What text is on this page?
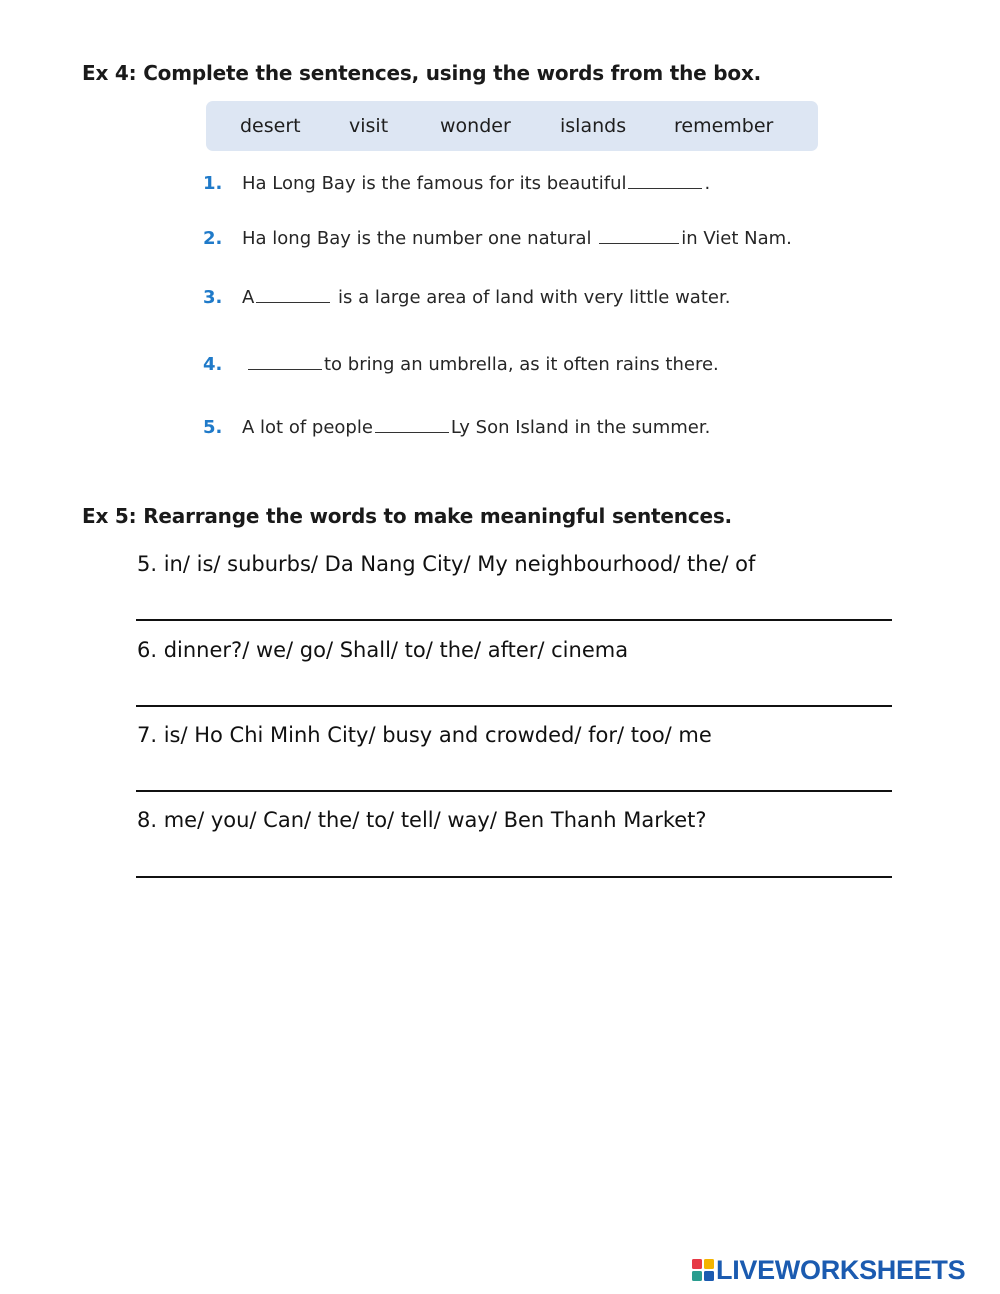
Ex 4: Complete the sentences, using the words from the box.
desert	visit	wonder	islands	remember
1. Ha Long Bay is the famous for its beautiful	.
2. Ha long Bay is the number one natural	in Viet Nam.
3. A	is a large area of land with very little water.
4.	to bring an umbrella, as it often rains there.
5. A lot of people	Ly Son Island in the summer.
Ex 5: Rearrange the words to make meaningful sentences.
5. in/ is/ suburbs/ Da Nang City/ My neighbourhood/ the/ of
6. dinner?/ we/ go/ Shall/ to/ the/ after/ cinema
7. is/ Ho Chi Minh City/ busy and crowded/ for/ too/ me
8. me/ you/ Can/ the/ to/ tell/ way/ Ben Thanh Market?
LIVEWORKSHEETS
